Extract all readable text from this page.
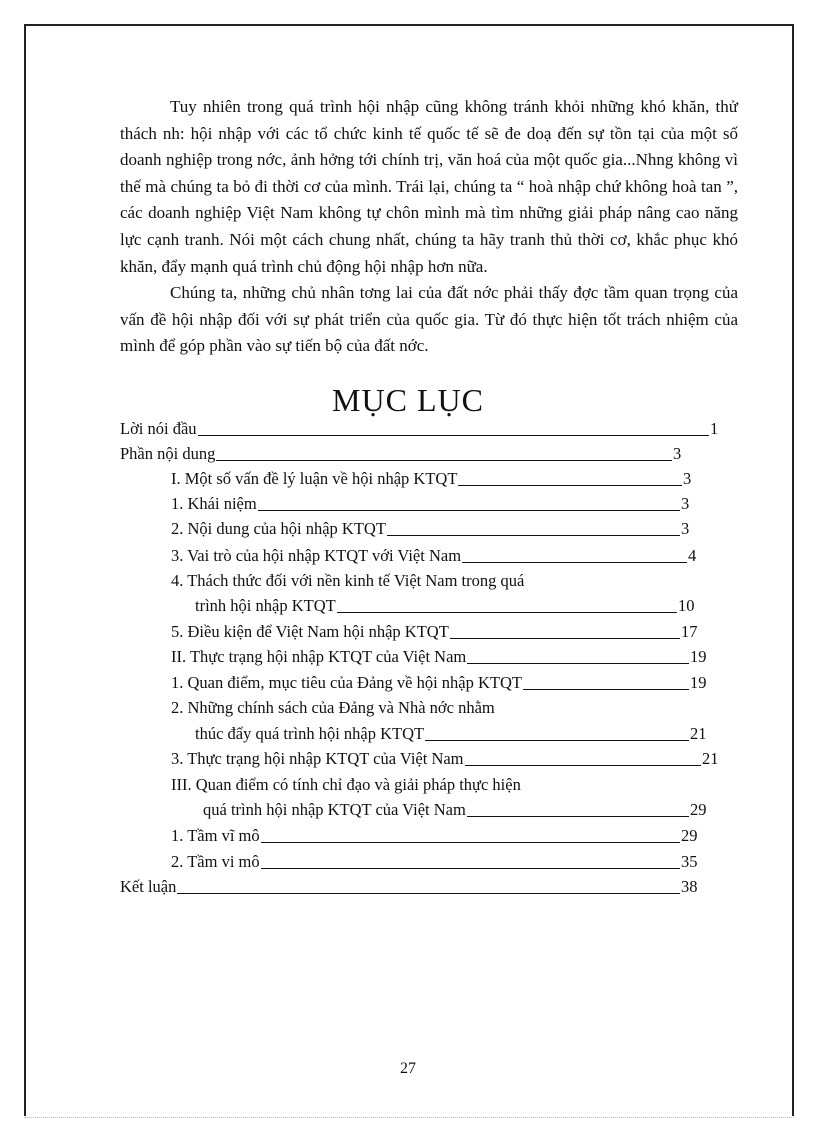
Tuy nhiên trong quá trình hội nhập cũng không tránh khỏi những khó khăn, thử thách nh: hội nhập với các tổ chức kinh tế quốc tế sẽ đe doạ đến sự tồn tại của một số doanh nghiệp trong nớc, ảnh hởng tới chính trị, văn hoá của một quốc gia...Nhng không vì thế mà chúng ta bỏ đi thời cơ của mình. Trái lại, chúng ta “ hoà nhập chứ không hoà tan ”, các doanh nghiệp Việt Nam không tự chôn mình mà tìm những giải pháp nâng cao năng lực cạnh tranh. Nói một cách chung nhất, chúng ta hãy tranh thủ thời cơ, khắc phục khó khăn, đẩy mạnh quá trình chủ động hội nhập hơn nữa.

Chúng ta, những chủ nhân tơng lai của đất nớc phải thấy đợc tầm quan trọng của vấn đề hội nhập đối với sự phát triển của quốc gia. Từ đó thực hiện tốt trách nhiệm của mình để góp phần vào sự tiến bộ của đất nớc.

MỤC LỤC
Lời nói đầu	1
Phần nội dung	3
I. Một số vấn đề lý luận về hội nhập KTQT	3
1. Khái niệm	3
2. Nội dung của hội nhập KTQT	3
3. Vai trò của hội nhập KTQT với Việt Nam	4
4. Thách thức đối với nền kinh tế Việt Nam trong quá
trình hội nhập KTQT	10
5. Điều kiện để Việt Nam hội nhập KTQT	17
II. Thực trạng hội nhập KTQT của Việt Nam	19
1. Quan điểm, mục tiêu của Đảng về hội nhập KTQT	19
2. Những chính sách của Đảng và Nhà nớc nhằm
thúc đẩy quá trình hội nhập KTQT	21
3. Thực trạng hội nhập KTQT của Việt Nam	21
III. Quan điểm có tính chỉ đạo và giải pháp thực hiện
quá trình hội nhập KTQT của Việt Nam	29
1. Tầm vĩ mô	29
2. Tầm vi mô	35
Kết luận	38
27
